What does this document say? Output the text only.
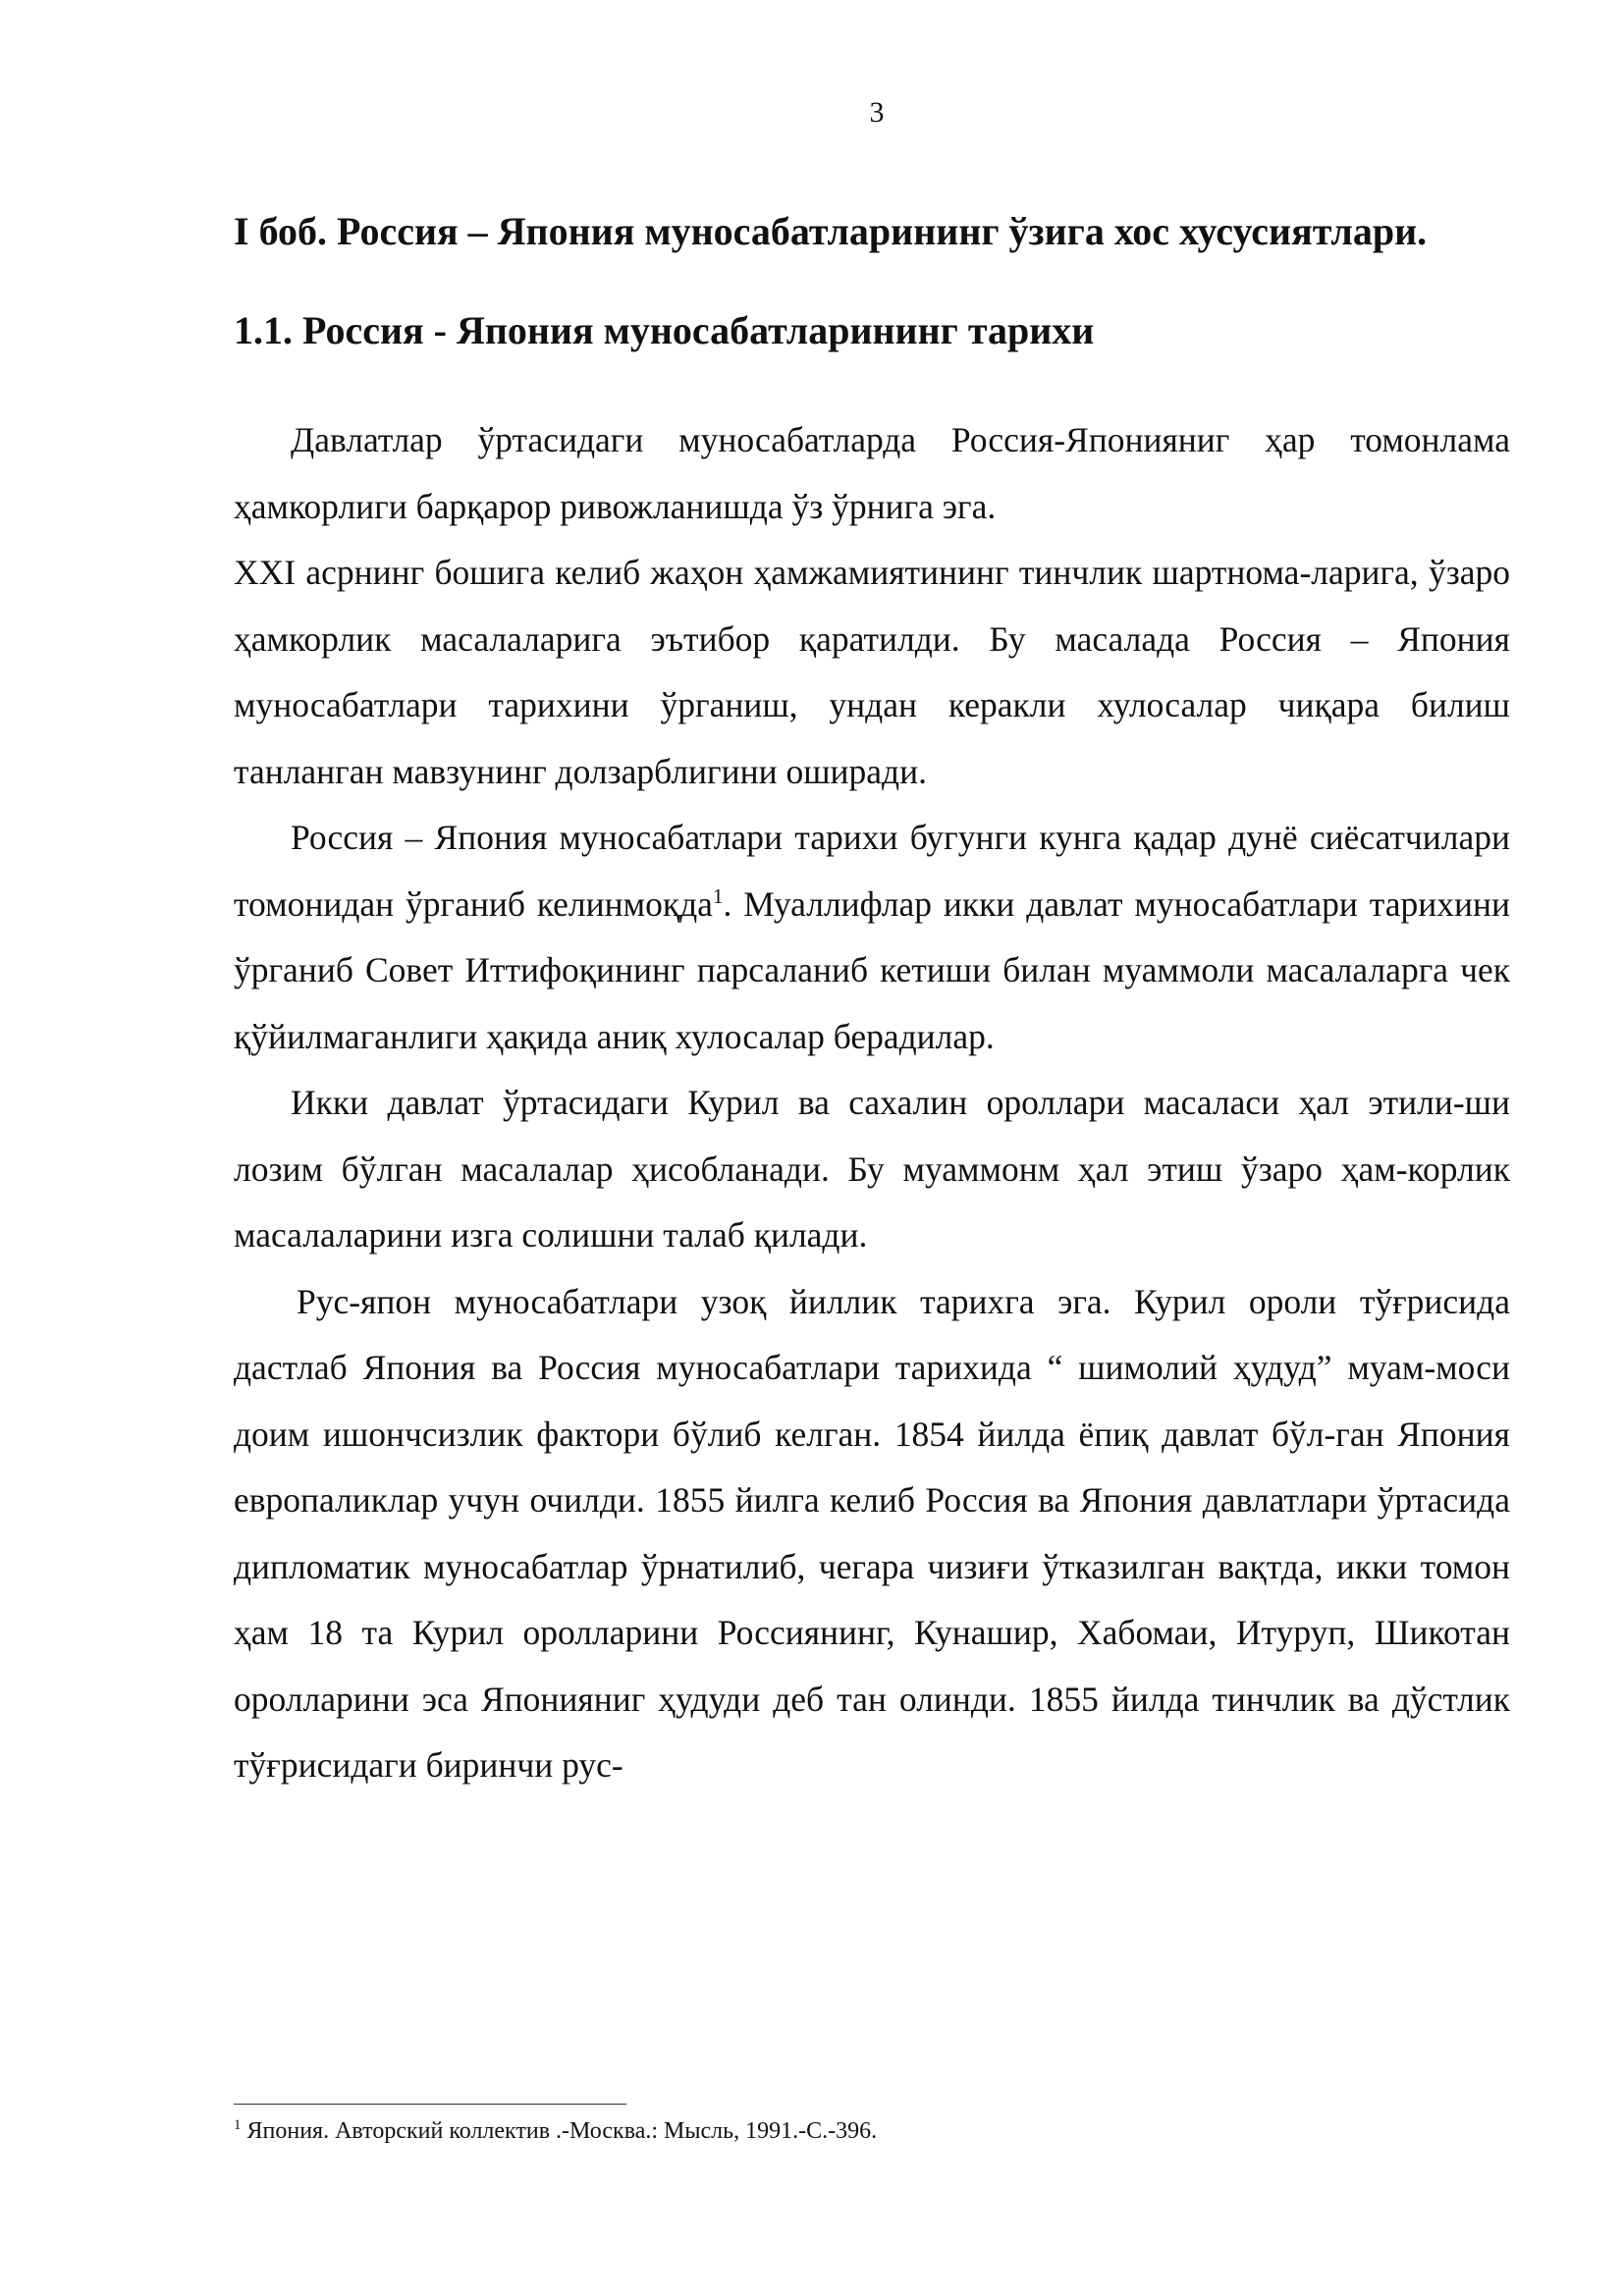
3
I боб. Россия – Япония муносабатларининг ўзига хос хусусиятлари.
1.1. Россия - Япония муносабатларининг тарихи

Давлатлар ўртасидаги муносабатларда Россия-Японияниг ҳар томонлама ҳамкорлиги барқарор ривожланишда ўз ўрнига эга.

XXI асрнинг бошига келиб жаҳон ҳамжамиятининг тинчлик шартнома-ларига, ўзаро ҳамкорлик масалаларига эътибор қаратилди. Бу масалада Россия – Япония муносабатлари тарихини ўрганиш, ундан керакли хулосалар чиқара билиш танланган мавзунинг долзарблигини оширади.

Россия – Япония муносабатлари тарихи бугунги кунга қадар дунё сиёсатчилари томонидан ўрганиб келинмоқда$^1$. Муаллифлар икки давлат муносабатлари тарихини ўрганиб Совет Иттифоқининг парсаланиб кетиши билан муаммоли масалаларга чек қўйилмаганлиги ҳақида аниқ хулосалар берадилар.

Икки давлат ўртасидаги Курил ва сахалин ороллари масаласи ҳал этили-ши лозим бўлган масалалар ҳисобланади. Бу муаммонм ҳал этиш ўзаро ҳам-корлик масалаларини изга солишни талаб қилади.

Рус-япон муносабатлари узоқ йиллик тарихга эга. Курил ороли тўғрисида дастлаб Япония ва Россия муносабатлари тарихида “ шимолий ҳудуд” муам-моси доим ишончсизлик фактори бўлиб келган. 1854 йилда ёпиқ давлат бўл-ган Япония европаликлар учун очилди. 1855 йилга келиб Россия ва Япония давлатлари ўртасида дипломатик муносабатлар ўрнатилиб, чегара чизиғи ўтказилган вақтда, икки томон ҳам 18 та Курил оролларини Россиянинг, Кунашир, Хабомаи, Итуруп, Шикотан оролларини эса Японияниг ҳудуди деб тан олинди. 1855 йилда тинчлик ва дўстлик тўғрисидаги биринчи рус-

$^1$ Япония. Авторский коллектив .-Москва.: Мысль, 1991.-С.-396.
